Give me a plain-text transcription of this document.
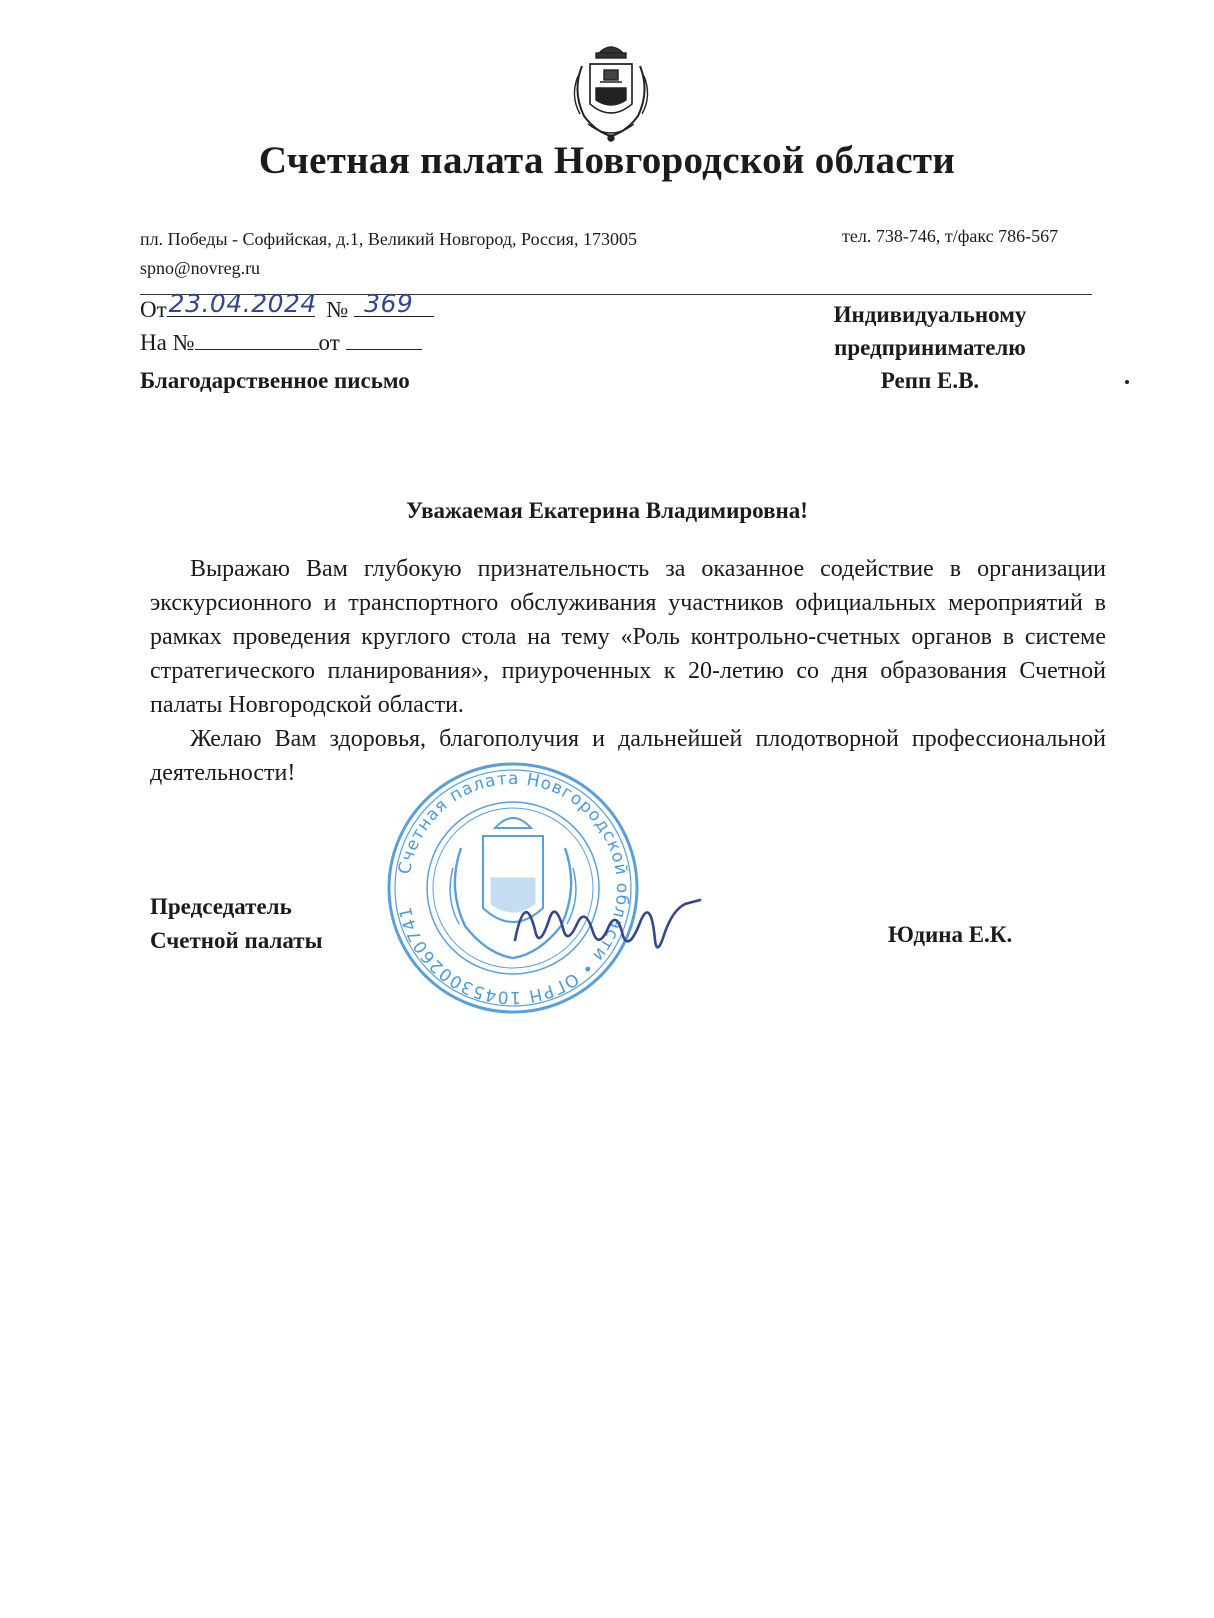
Счетная палата Новгородской области
пл. Победы - Софийская, д.1, Великий Новгород, Россия, 173005
spno@novreg.ru
тел. 738-746, т/факс 786-567
От 23.04.2024 № 369
На №	от
Благодарственное письмо
Индивидуальному
предпринимателю
Репп Е.В.
Уважаемая Екатерина Владимировна!

Выражаю Вам глубокую признательность за оказанное содействие в организации экскурсионного и транспортного обслуживания участников официальных мероприятий в рамках проведения круглого стола на тему «Роль контрольно-счетных органов в системе стратегического планирования», приуроченных к 20-летию со дня образования Счетной палаты Новгородской области.

Желаю Вам здоровья, благополучия и дальнейшей плодотворной профессиональной деятельности!

Председатель
Счетной палаты	Юдина Е.К.
Счетная палата Новгородской области • ОГРН 1045300260741
